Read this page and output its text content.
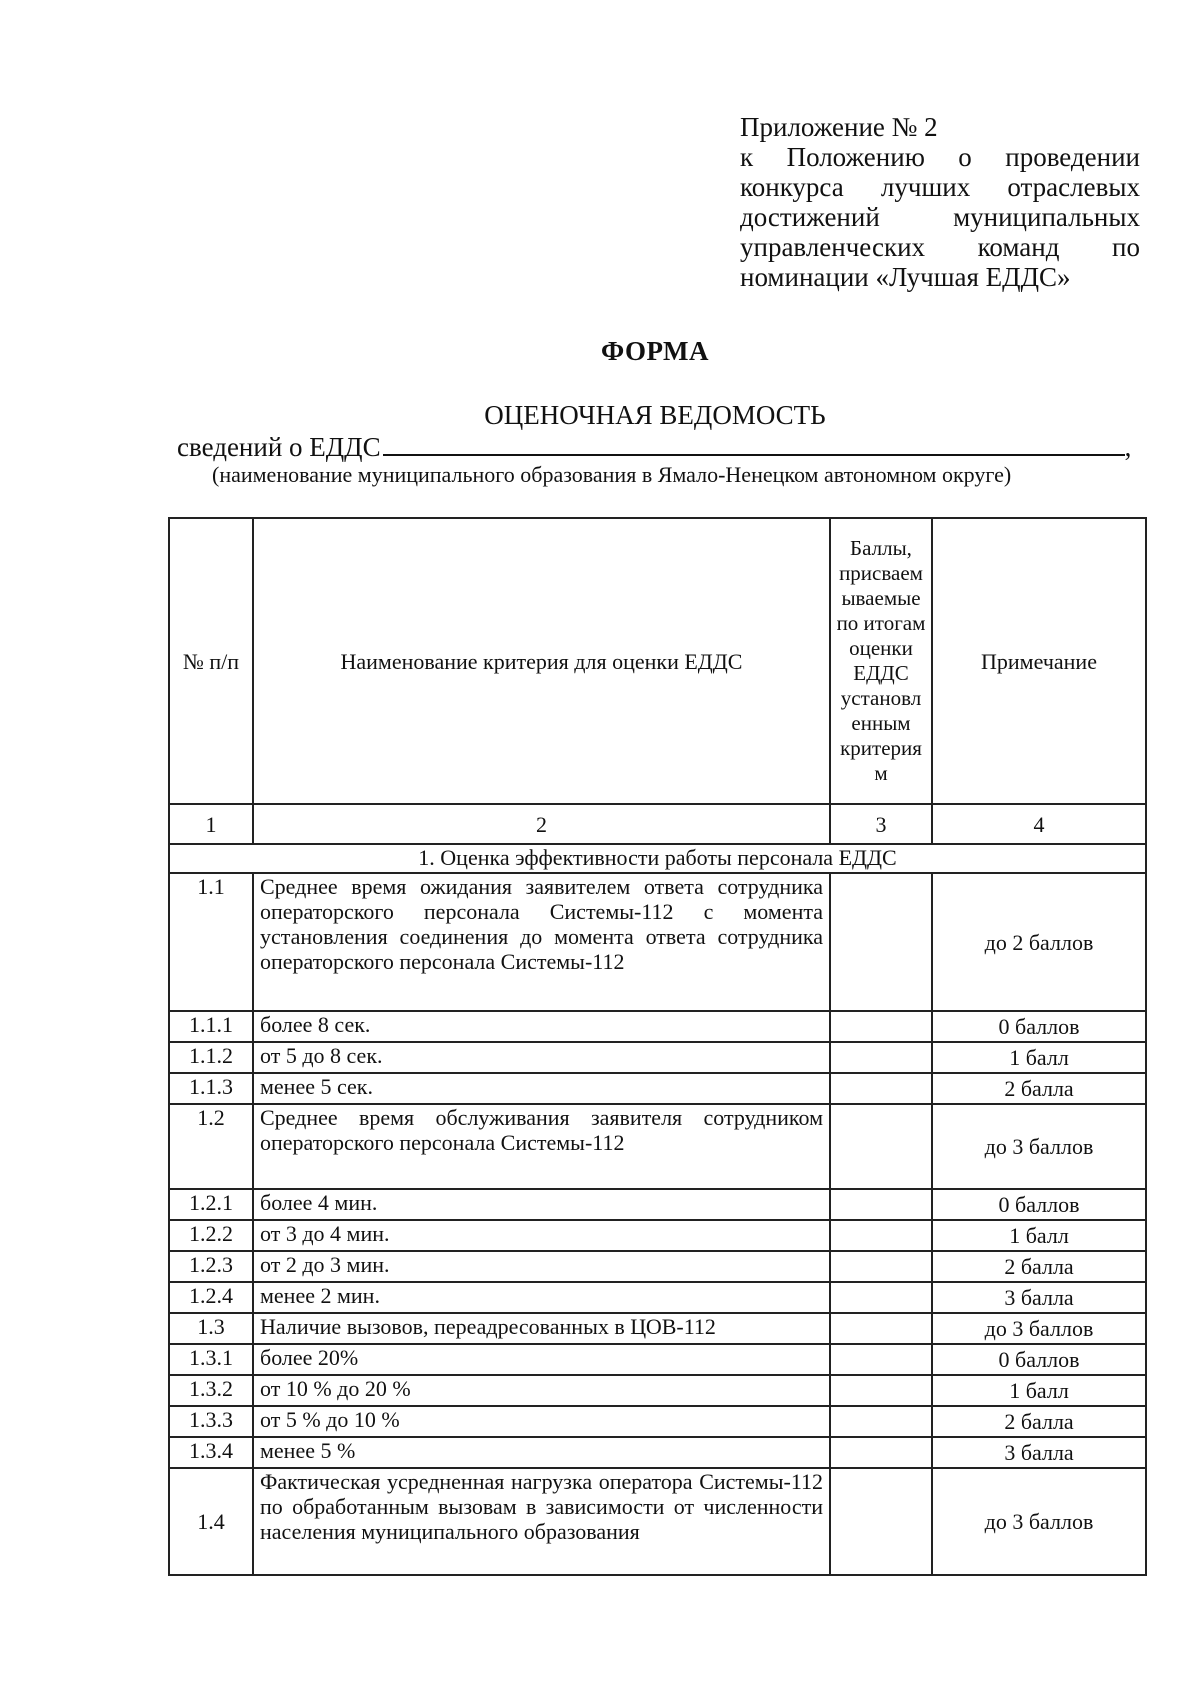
Приложение № 2
к Положению о проведении
конкурса лучших отраслевых
достижений муниципальных
управленческих команд по
номинации «Лучшая ЕДДС»
ФОРМА
ОЦЕНОЧНАЯ ВЕДОМОСТЬ
сведений о ЕДДС	,
(наименование муниципального образования в Ямало-Ненецком автономном округе)
№ п/п	Наименование критерия для оценки ЕДДС	Баллы, присваем ываемые по итогам оценки ЕДДС установл енным критерия м	Примечание
1	2	3	4
1. Оценка эффективности работы персонала ЕДДС			
1.1	Среднее время ожидания заявителем ответа сотрудника операторского персонала Системы-112 с момента установления соединения до момента ответа сотрудника операторского персонала Системы-112		до 2 баллов
1.1.1	более 8 сек.		0 баллов
1.1.2	от 5 до 8 сек.		1 балл
1.1.3	менее 5 сек.		2 балла
1.2	Среднее время обслуживания заявителя сотрудником операторского персонала Системы-112		до 3 баллов
1.2.1	более 4 мин.		0 баллов
1.2.2	от 3 до 4 мин.		1 балл
1.2.3	от 2 до 3 мин.		2 балла
1.2.4	менее 2 мин.		3 балла
1.3	Наличие вызовов, переадресованных в ЦОВ-112		до 3 баллов
1.3.1	более 20%		0 баллов
1.3.2	от 10 % до 20 %		1 балл
1.3.3	от 5 % до 10 %		2 балла
1.3.4	менее 5 %		3 балла
1.4	Фактическая усредненная нагрузка оператора Системы-112 по обработанным вызовам в зависимости от численности населения муниципального образования		до 3 баллов
